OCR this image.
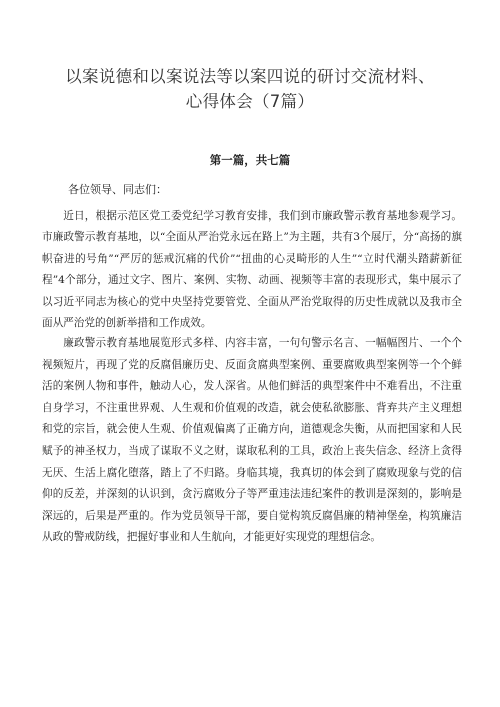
以案说德和以案说法等以案四说的研讨交流材料、
心得体会（7篇）
第一篇，共七篇
各位领导、同志们：

近日，根据示范区党工委党纪学习教育安排，我们到市廉政警示教育基地参观学习。市廉政警示教育基地，以“全面从严治党永远在路上”为主题，共有3个展厅，分“高扬的旗帜奋进的号角”“严厉的惩戒沉痛的代价”“扭曲的心灵畸形的人生”“立时代潮头踏薪新征程”4个部分，通过文字、图片、案例、实物、动画、视频等丰富的表现形式，集中展示了以习近平同志为核心的党中央坚持党要管党、全面从严治党取得的历史性成就以及我市全面从严治党的创新举措和工作成效。

廉政警示教育基地展览形式多样、内容丰富，一句句警示名言、一幅幅图片、一个个视频短片，再现了党的反腐倡廉历史、反面贪腐典型案例、重要腐败典型案例等一个个鲜活的案例人物和事件，触动人心，发人深省。从他们鲜活的典型案件中不难看出，不注重自身学习，不注重世界观、人生观和价值观的改造，就会使私欲膨胀、背弃共产主义理想和党的宗旨，就会使人生观、价值观偏离了正确方向，道德观念失衡，从而把国家和人民赋予的神圣权力，当成了谋取不义之财，谋取私利的工具，政治上丧失信念、经济上贪得无厌、生活上腐化堕落，踏上了不归路。身临其境，我真切的体会到了腐败现象与党的信仰的反差，并深刻的认识到，贪污腐败分子等严重违法违纪案件的教训是深刻的，影响是深远的，后果是严重的。作为党员领导干部，要自觉构筑反腐倡廉的精神堡垒，构筑廉洁从政的警戒防线，把握好事业和人生航向，才能更好实现党的理想信念。
